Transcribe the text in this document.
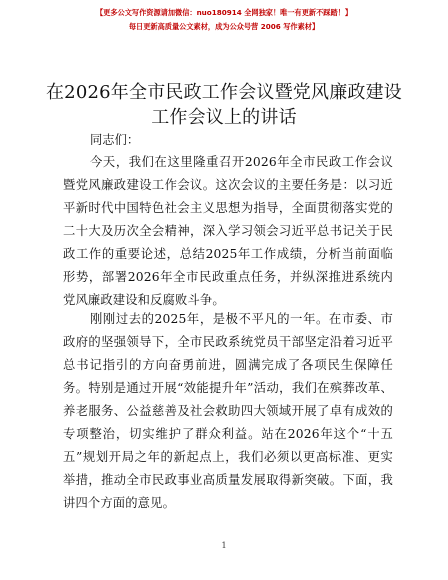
【更多公文写作资源请加微信：nuo180914 全网独家！唯一有更新不踩踏！】
每日更新高质量公文素材，成为公众号营 2006 写作素材】
在2026年全市民政工作会议暨党风廉政建设工作会议上的讲话
同志们：
今天，我们在这里隆重召开2026年全市民政工作会议暨党风廉政建设工作会议。这次会议的主要任务是：以习近平新时代中国特色社会主义思想为指导，全面贯彻落实党的二十大及历次全会精神，深入学习领会习近平总书记关于民政工作的重要论述，总结2025年工作成绩，分析当前面临形势，部署2026年全市民政重点任务，并纵深推进系统内党风廉政建设和反腐败斗争。
刚刚过去的2025年，是极不平凡的一年。在市委、市政府的坚强领导下，全市民政系统党员干部坚定沿着习近平总书记指引的方向奋勇前进，圆满完成了各项民生保障任务。特别是通过开展“效能提升年”活动，我们在殡葬改革、养老服务、公益慈善及社会救助四大领域开展了卓有成效的专项整治，切实维护了群众利益。站在2026年这个“十五五”规划开局之年的新起点上，我们必须以更高标准、更实举措，推动全市民政事业高质量发展取得新突破。下面，我讲四个方面的意见。
1
